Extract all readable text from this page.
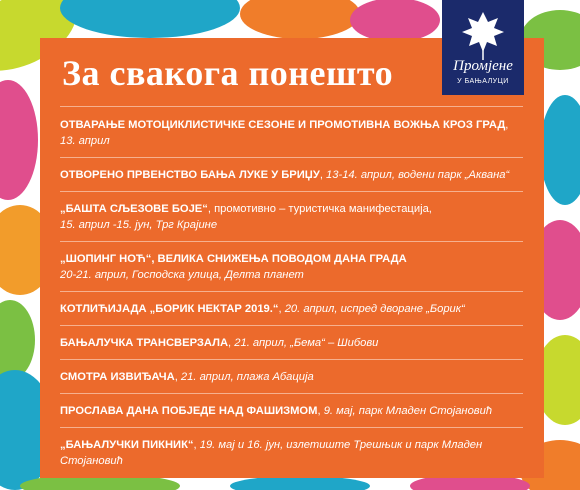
За свакога понешто	Промјене
У БАЊАЛУЦИ
ОТВАРАЊЕ МОТОЦИКЛИСТИЧКЕ СЕЗОНЕ И ПРОМОТИВНА ВОЖЊА КРОЗ ГРАД, 13. април
ОТВОРЕНО ПРВЕНСТВО БАЊА ЛУКЕ У БРИЏУ, 13-14. април, водени парк „Аквана“
„БАШТА СЉЕЗОВЕ БОЈЕ“, промотивно – туристичка манифестација,
15. април -15. јун, Трг Крајине
„ШОПИНГ НОЋ“, ВЕЛИКА СНИЖЕЊА ПОВОДОМ ДАНА ГРАДА
20-21. април, Господска улица, Делта планет
КОТЛИЋИЈАДА „БОРИК НЕКТАР 2019.“, 20. април, испред дворане „Борик“
БАЊАЛУЧКА ТРАНСВЕРЗАЛА, 21. април, „Бема“ – Шибови
СМОТРА ИЗВИЂАЧА, 21. април, плажа Абација
ПРОСЛАВА ДАНА ПОБЈЕДЕ НАД ФАШИЗМОМ, 9. мај, парк Младен Стојановић
„БАЊАЛУЧКИ ПИКНИК“, 19. мај и 16. јун, излетиште Трешњик и парк Младен Стојановић
